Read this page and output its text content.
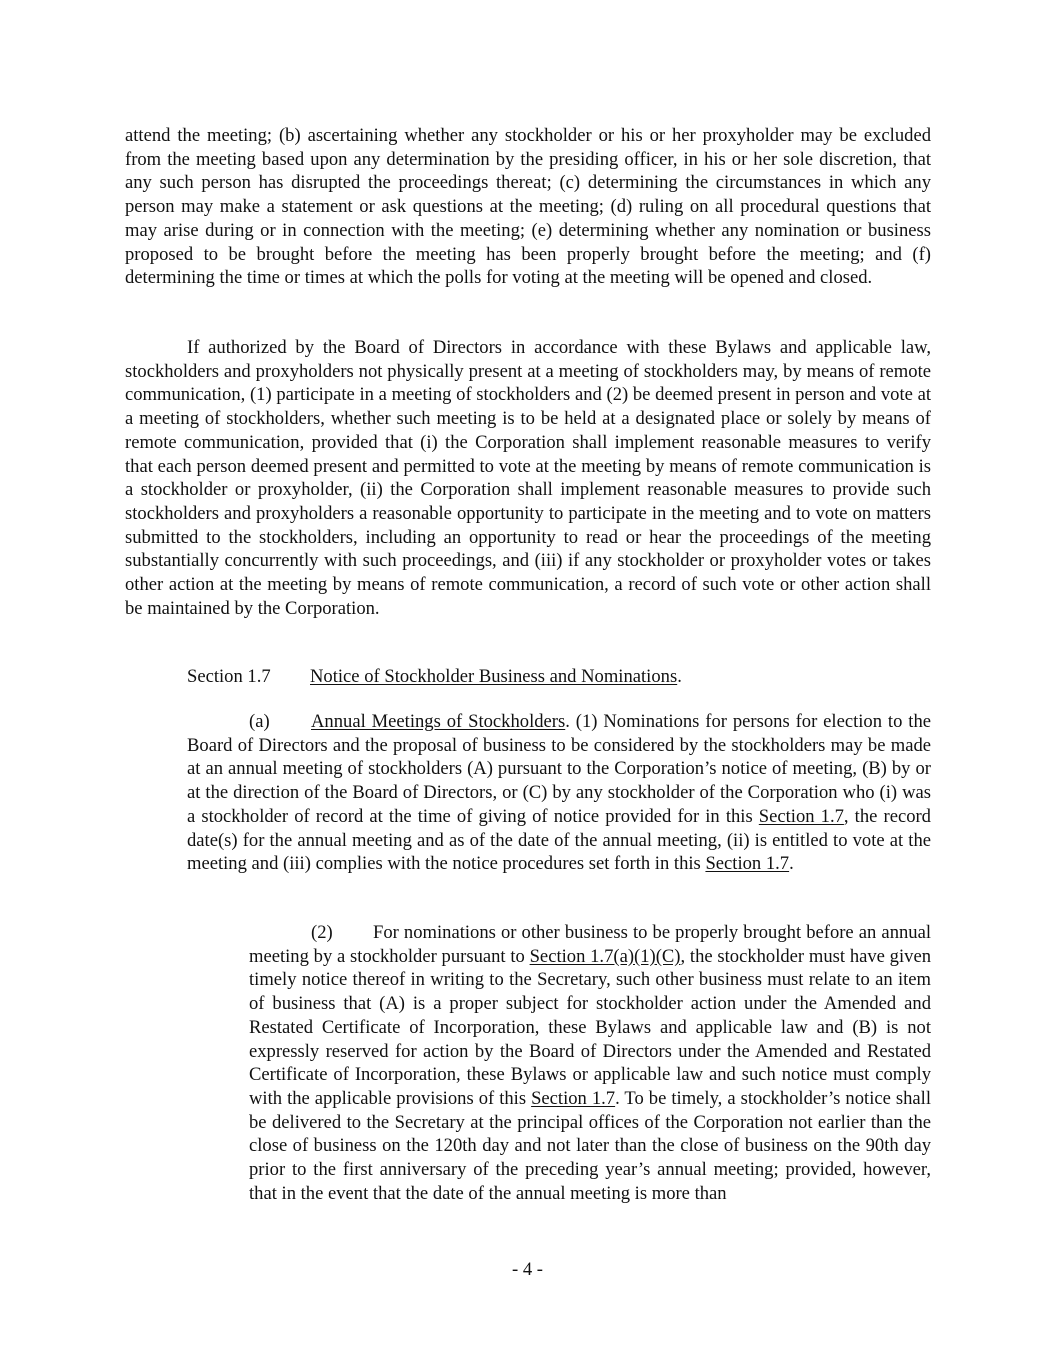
attend the meeting; (b) ascertaining whether any stockholder or his or her proxyholder may be excluded from the meeting based upon any determination by the presiding officer, in his or her sole discretion, that any such person has disrupted the proceedings thereat; (c) determining the circumstances in which any person may make a statement or ask questions at the meeting; (d) ruling on all procedural questions that may arise during or in connection with the meeting; (e) determining whether any nomination or business proposed to be brought before the meeting has been properly brought before the meeting; and (f) determining the time or times at which the polls for voting at the meeting will be opened and closed.

If authorized by the Board of Directors in accordance with these Bylaws and applicable law, stockholders and proxyholders not physically present at a meeting of stockholders may, by means of remote communication, (1) participate in a meeting of stockholders and (2) be deemed present in person and vote at a meeting of stockholders, whether such meeting is to be held at a designated place or solely by means of remote communication, provided that (i) the Corporation shall implement reasonable measures to verify that each person deemed present and permitted to vote at the meeting by means of remote communication is a stockholder or proxyholder, (ii) the Corporation shall implement reasonable measures to provide such stockholders and proxyholders a reasonable opportunity to participate in the meeting and to vote on matters submitted to the stockholders, including an opportunity to read or hear the proceedings of the meeting substantially concurrently with such proceedings, and (iii) if any stockholder or proxyholder votes or takes other action at the meeting by means of remote communication, a record of such vote or other action shall be maintained by the Corporation.

Section 1.7 Notice of Stockholder Business and Nominations.

(a) Annual Meetings of Stockholders. (1) Nominations for persons for election to the Board of Directors and the proposal of business to be considered by the stockholders may be made at an annual meeting of stockholders (A) pursuant to the Corporation’s notice of meeting, (B) by or at the direction of the Board of Directors, or (C) by any stockholder of the Corporation who (i) was a stockholder of record at the time of giving of notice provided for in this Section 1.7, the record date(s) for the annual meeting and as of the date of the annual meeting, (ii) is entitled to vote at the meeting and (iii) complies with the notice procedures set forth in this Section 1.7.

(2) For nominations or other business to be properly brought before an annual meeting by a stockholder pursuant to Section 1.7(a)(1)(C), the stockholder must have given timely notice thereof in writing to the Secretary, such other business must relate to an item of business that (A) is a proper subject for stockholder action under the Amended and Restated Certificate of Incorporation, these Bylaws and applicable law and (B) is not expressly reserved for action by the Board of Directors under the Amended and Restated Certificate of Incorporation, these Bylaws or applicable law and such notice must comply with the applicable provisions of this Section 1.7. To be timely, a stockholder’s notice shall be delivered to the Secretary at the principal offices of the Corporation not earlier than the close of business on the 120th day and not later than the close of business on the 90th day prior to the first anniversary of the preceding year’s annual meeting; provided, however, that in the event that the date of the annual meeting is more than

- 4 -
